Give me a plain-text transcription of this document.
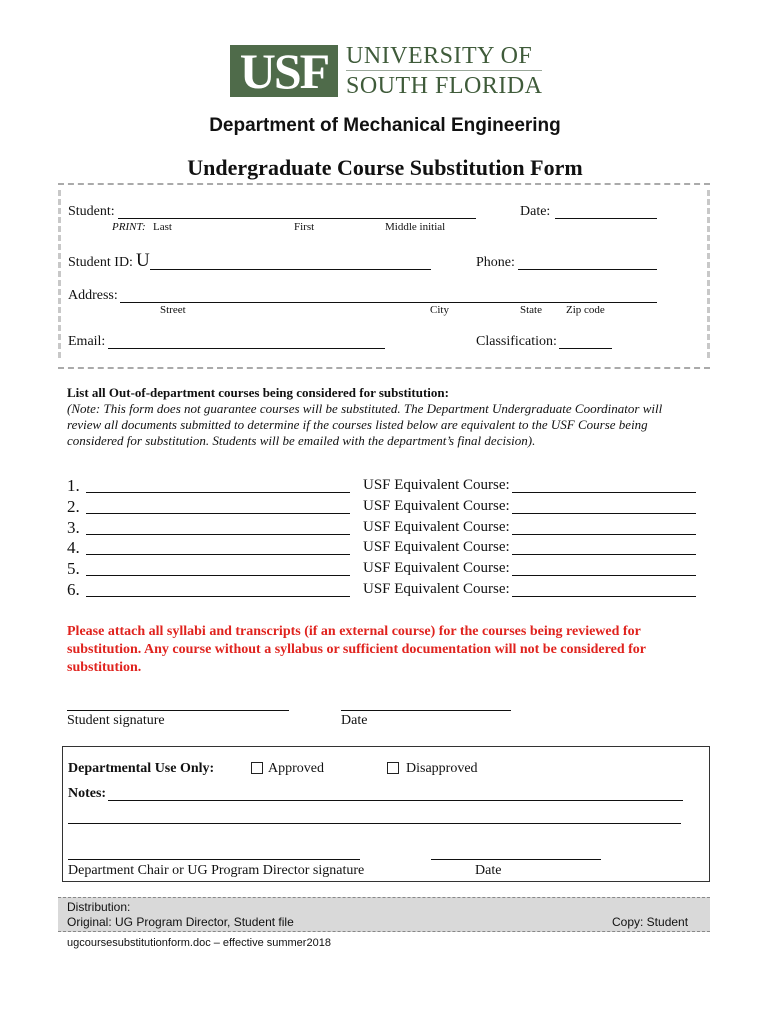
USF UNIVERSITY OF
SOUTH FLORIDA
Department of Mechanical Engineering
Undergraduate Course Substitution Form
Student:
PRINT: Last	First	Middle initial
Date:
Student ID: U	Phone:
Address:
Street	City	State Zip code
Email:	Classification:
List all Out-of-department courses being considered for substitution:
(Note: This form does not guarantee courses will be substituted. The Department Undergraduate Coordinator will review all documents submitted to determine if the courses listed below are equivalent to the USF Course being considered for substitution. Students will be emailed with the department’s final decision).
1.	USF Equivalent Course:
2.	USF Equivalent Course:
3.	USF Equivalent Course:
4.	USF Equivalent Course:
5.	USF Equivalent Course:
6.	USF Equivalent Course:
Please attach all syllabi and transcripts (if an external course) for the courses being reviewed for substitution. Any course without a syllabus or sufficient documentation will not be considered for substitution.
Student signature	Date
Departmental Use Only:	Approved	Disapproved
Notes:
Department Chair or UG Program Director signature	Date
Distribution:
Original: UG Program Director, Student file	Copy: Student
ugcoursesubstitutionform.doc – effective summer2018
